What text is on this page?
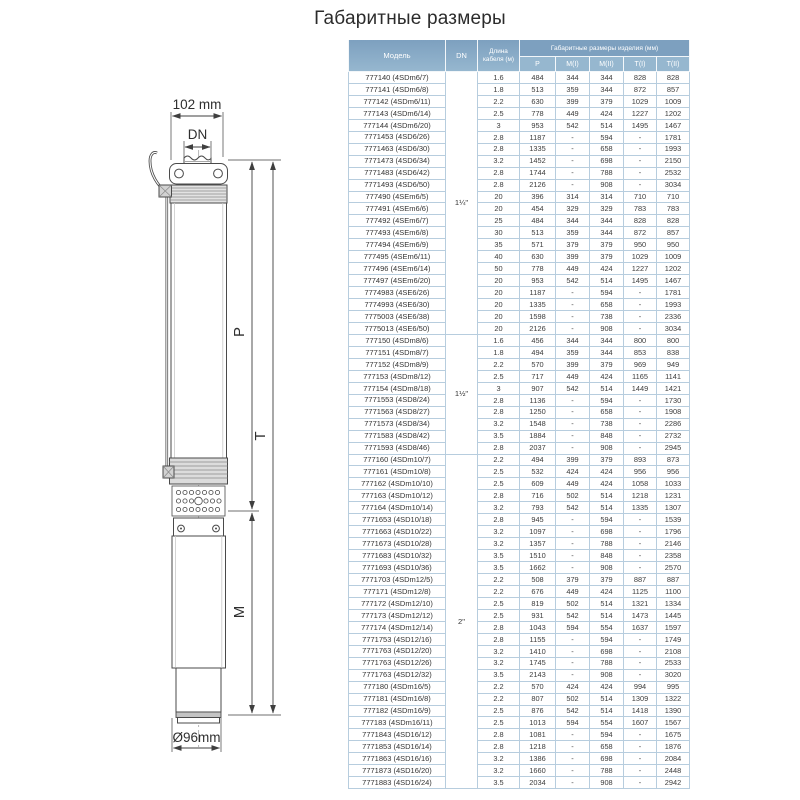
Габаритные размеры
102 mm
DN
Ø96mm
P
M
T
Модель	DN	Длина кабеля (м)	Габаритные размеры изделия (мм)				
			P	M(I)	M(II)	T(I)	T(II)
777140 (4SDm6/7)	1¼"	1.6	484	344	344	828	828
777141 (4SDm6/8)		1.8	513	359	344	872	857
777142 (4SDm6/11)		2.2	630	399	379	1029	1009
777143 (4SDm6/14)		2.5	778	449	424	1227	1202
777144 (4SDm6/20)		3	953	542	514	1495	1467
7771453 (4SD6/26)		2.8	1187	-	594	-	1781
7771463 (4SD6/30)		2.8	1335	-	658	-	1993
7771473 (4SD6/34)		3.2	1452	-	698	-	2150
7771483 (4SD6/42)		2.8	1744	-	788	-	2532
7771493 (4SD6/50)		2.8	2126	-	908	-	3034
777490 (4SEm6/5)		20	396	314	314	710	710
777491 (4SEm6/6)		20	454	329	329	783	783
777492 (4SEm6/7)		25	484	344	344	828	828
777493 (4SEm6/8)		30	513	359	344	872	857
777494 (4SEm6/9)		35	571	379	379	950	950
777495 (4SEm6/11)		40	630	399	379	1029	1009
777496 (4SEm6/14)		50	778	449	424	1227	1202
777497 (4SEm6/20)		20	953	542	514	1495	1467
7774983 (4SE6/26)		20	1187	-	594	-	1781
7774993 (4SE6/30)		20	1335	-	658	-	1993
7775003 (4SE6/38)		20	1598	-	738	-	2336
7775013 (4SE6/50)		20	2126	-	908	-	3034
777150 (4SDm8/6)	1½"	1.6	456	344	344	800	800
777151 (4SDm8/7)		1.8	494	359	344	853	838
777152 (4SDm8/9)		2.2	570	399	379	969	949
777153 (4SDm8/12)		2.5	717	449	424	1165	1141
777154 (4SDm8/18)		3	907	542	514	1449	1421
7771553 (4SD8/24)		2.8	1136	-	594	-	1730
7771563 (4SD8/27)		2.8	1250	-	658	-	1908
7771573 (4SD8/34)		3.2	1548	-	738	-	2286
7771583 (4SD8/42)		3.5	1884	-	848	-	2732
7771593 (4SD8/46)		2.8	2037	-	908	-	2945
777160 (4SDm10/7)	2"	2.2	494	399	379	893	873
777161 (4SDm10/8)		2.5	532	424	424	956	956
777162 (4SDm10/10)		2.5	609	449	424	1058	1033
777163 (4SDm10/12)		2.8	716	502	514	1218	1231
777164 (4SDm10/14)		3.2	793	542	514	1335	1307
7771653 (4SD10/18)		2.8	945	-	594	-	1539
7771663 (4SD10/22)		3.2	1097	-	698	-	1796
7771673 (4SD10/28)		3.2	1357	-	788	-	2146
7771683 (4SD10/32)		3.5	1510	-	848	-	2358
7771693 (4SD10/36)		3.5	1662	-	908	-	2570
7771703 (4SDm12/5)		2.2	508	379	379	887	887
777171 (4SDm12/8)		2.2	676	449	424	1125	1100
777172 (4SDm12/10)		2.5	819	502	514	1321	1334
777173 (4SDm12/12)		2.5	931	542	514	1473	1445
777174 (4SDm12/14)		2.8	1043	594	554	1637	1597
7771753 (4SD12/16)		2.8	1155	-	594	-	1749
7771763 (4SD12/20)		3.2	1410	-	698	-	2108
7771763 (4SD12/26)		3.2	1745	-	788	-	2533
7771763 (4SD12/32)		3.5	2143	-	908	-	3020
777180 (4SDm16/5)		2.2	570	424	424	994	995
777181 (4SDm16/8)		2.2	807	502	514	1309	1322
777182 (4SDm16/9)		2.5	876	542	514	1418	1390
777183 (4SDm16/11)		2.5	1013	594	554	1607	1567
7771843 (4SD16/12)		2.8	1081	-	594	-	1675
7771853 (4SD16/14)		2.8	1218	-	658	-	1876
7771863 (4SD16/16)		3.2	1386	-	698	-	2084
7771873 (4SD16/20)		3.2	1660	-	788	-	2448
7771883 (4SD16/24)		3.5	2034	-	908	-	2942
